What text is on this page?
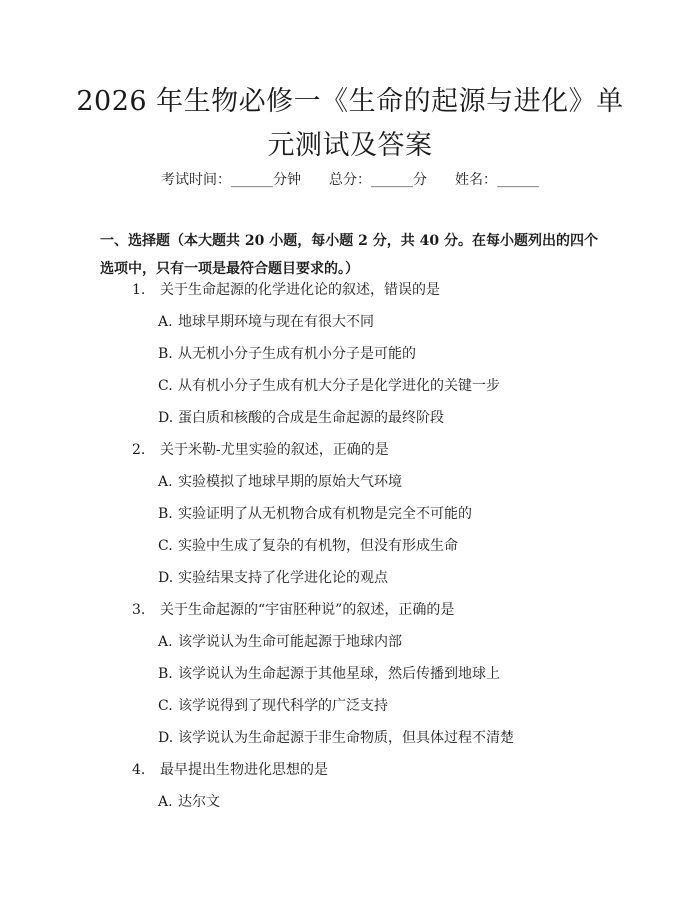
2026 年生物必修一《生命的起源与进化》单
元测试及答案
考试时间：______分钟 总分：______分 姓名：______
一、选择题（本大题共 20 小题，每小题 2 分，共 40 分。在每小题列出的四个选项中，只有一项是最符合题目要求的。）
1. 关于生命起源的化学进化论的叙述，错误的是
A. 地球早期环境与现在有很大不同
B. 从无机小分子生成有机小分子是可能的
C. 从有机小分子生成有机大分子是化学进化的关键一步
D. 蛋白质和核酸的合成是生命起源的最终阶段
2. 关于米勒-尤里实验的叙述，正确的是
A. 实验模拟了地球早期的原始大气环境
B. 实验证明了从无机物合成有机物是完全不可能的
C. 实验中生成了复杂的有机物，但没有形成生命
D. 实验结果支持了化学进化论的观点
3. 关于生命起源的“宇宙胚种说”的叙述，正确的是
A. 该学说认为生命可能起源于地球内部
B. 该学说认为生命起源于其他星球，然后传播到地球上
C. 该学说得到了现代科学的广泛支持
D. 该学说认为生命起源于非生命物质，但具体过程不清楚
4. 最早提出生物进化思想的是
A. 达尔文
